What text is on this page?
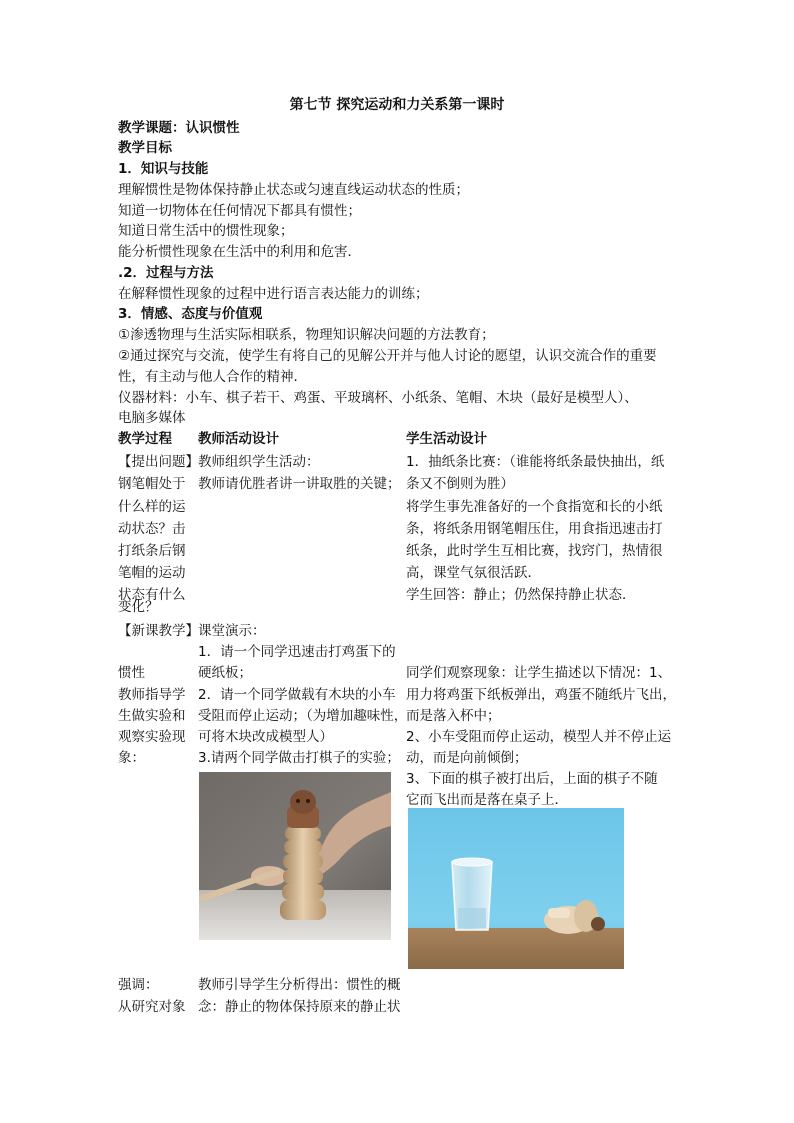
第七节 探究运动和力关系第一课时
教学课题：认识惯性
教学目标
1．知识与技能
理解惯性是物体保持静止状态或匀速直线运动状态的性质；
知道一切物体在任何情况下都具有惯性；
知道日常生活中的惯性现象；
能分析惯性现象在生活中的利用和危害．
.2．过程与方法
在解释惯性现象的过程中进行语言表达能力的训练；
3．情感、态度与价值观
①渗透物理与生活实际相联系，物理知识解决问题的方法教育；
②通过探究与交流，使学生有将自己的见解公开并与他人讨论的愿望，认识交流合作的重要
性，有主动与他人合作的精神．
仪器材料：小车、棋子若干、鸡蛋、平玻璃杯、小纸条、笔帽、木块（最好是模型人）、
电脑多媒体
教学过程 教师活动设计	学生活动设计
【提出问题】
钢笔帽处于
什么样的运
动状态？击
打纸条后钢
笔帽的运动
状态有什么
变化？
教师组织学生活动：
教师请优胜者讲一讲取胜的关键；
1．抽纸条比赛：（谁能将纸条最快抽出，纸
条又不倒则为胜）
将学生事先准备好的一个食指宽和长的小纸
条，将纸条用钢笔帽压住，用食指迅速击打
纸条，此时学生互相比赛，找窍门，热情很
高，课堂气氛很活跃．
学生回答：静止；仍然保持静止状态．
【新课教学】 课堂演示：
1．请一个同学迅速击打鸡蛋下的
硬纸板；
2．请一个同学做载有木块的小车
受阻而停止运动；（为增加趣味性，
可将木块改成模型人）
3.请两个同学做击打棋子的实验；
惯性
教师指导学
生做实验和
观察实验现
象：
同学们观察现象：让学生描述以下情况：1、
用力将鸡蛋下纸板弹出，鸡蛋不随纸片飞出，
而是落入杯中；
2、小车受阻而停止运动，模型人并不停止运
动，而是向前倾倒；
3、下面的棋子被打出后，上面的棋子不随
它而飞出而是落在桌子上．
强调：
从研究对象
教师引导学生分析得出：惯性的概
念：静止的物体保持原来的静止状
